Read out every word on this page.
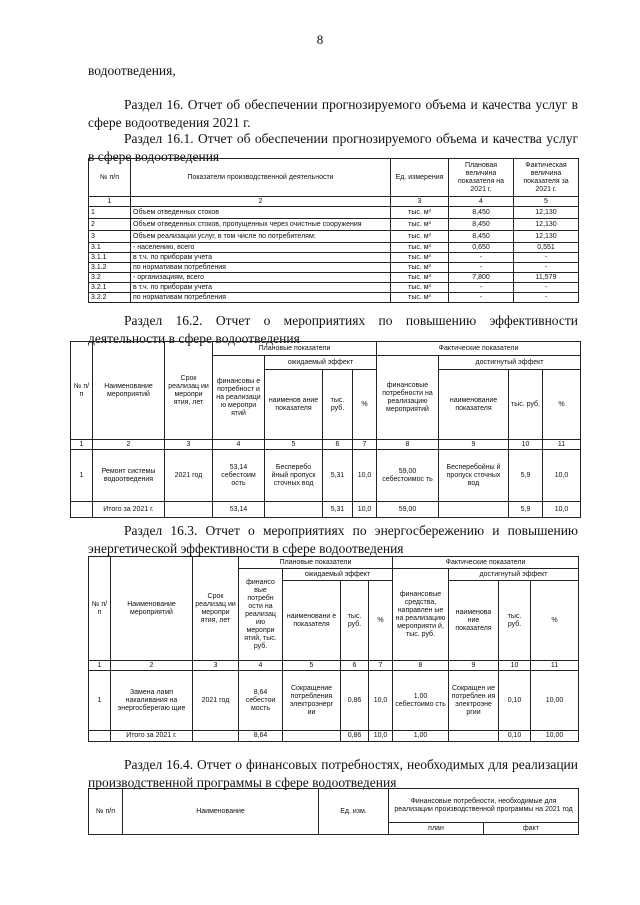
8

водоотведения,

Раздел 16. Отчет об обеспечении прогнозируемого объема и качества услуг в сфере водоотведения 2021 г.

Раздел 16.1. Отчет об обеспечении прогнозируемого объема и качества услуг в сфере водоотведения

№ п/п	Показатели производственной деятельности	Ед. измерения	Плановая величина показателя на 2021 г.	Фактическая величина показателя за 2021 г.
1	2	3	4	5
1	Объем отведенных стоков	тыс. м³	8,450	12,130
2	Объем отведенных стоков, пропущенных через очистные сооружения	тыс. м³	8,450	12,130
3	Объем реализации услуг, в том числе по потребителям:	тыс. м³	8,450	12,130
3.1	- населению, всего	тыс. м³	0,650	0,551
3.1.1	в т.ч. по приборам учета	тыс. м³	-	-
3.1.2	по нормативам потребления	тыс. м³	-	-
3.2	- организациям, всего	тыс. м³	7,800	11,579
3.2.1	в т.ч. по приборам учета	тыс. м³	-	-
3.2.2	по нормативам потребления	тыс. м³	-	-

Раздел 16.2. Отчет о мероприятиях по повышению эффективности деятельности в сфере водоотведения

№ п/ п	Наименование мероприятий	Срок реализац ии меропри ятия, лет	Плановые показатели				Фактические показатели			
			финансовы е потребност и на реализаци ю меропри ятий	ожидаемый эффект			финансовые потребности на реализацию мероприятий	достигнутый эффект		
				наименов ание показателя	тыс. руб.	%		наименование показателя	тыс. руб.	%
1	2	3	4	5	6	7	8	9	10	11
1	Ремонт системы водоотведения	2021 год	53,14 себестоим ость	Бесперебо йный пропуск сточных вод	5,31	10,0	59,00 себестоимос ть	Бесперебойны й пропуск сточных вод	5,9	10,0
	Итого за 2021 г.		53,14		5,31	10,0	59,00		5,9	10,0

Раздел 16.3. Отчет о мероприятиях по энергосбережению и повышению энергетической эффективности в сфере водоотведения

№ п/п	Наименование мероприятий	Срок реализац ии меропри ятия, лет	Плановые показатели				Фактические показатели			
			финансо вые потребн ости на реализац ию меропри ятий, тыс. руб.	ожидаемый эффект			финансовые средства, направлен ые на реализацию мероприяти й, тыс. руб.	достигнутый эффект		
				наименовани е показателя	тыс. руб.	%		наименова ние показателя	тыс. руб.	%
1	2	3	4	5	6	7	8	9	10	11
1	Замена ламп накаливания на энергосберегаю щие	2021 год	8,64 себестои мость	Сокращение потребления электроэнерг ии	0,86	10,0	1,00 себестоимо сть	Сокращен ие потреблен ия электроэне ргии	0,10	10,00
	Итого за 2021 г.		8,64		0,86	10,0	1,00		0,10	10,00

Раздел 16.4. Отчет о финансовых потребностях, необходимых для реализации производственной программы в сфере водоотведения

№ п/п	Наименование	Ед. изм.	Финансовые потребности, необходимые для реализации производственной программы на 2021 год	
			план	факт
